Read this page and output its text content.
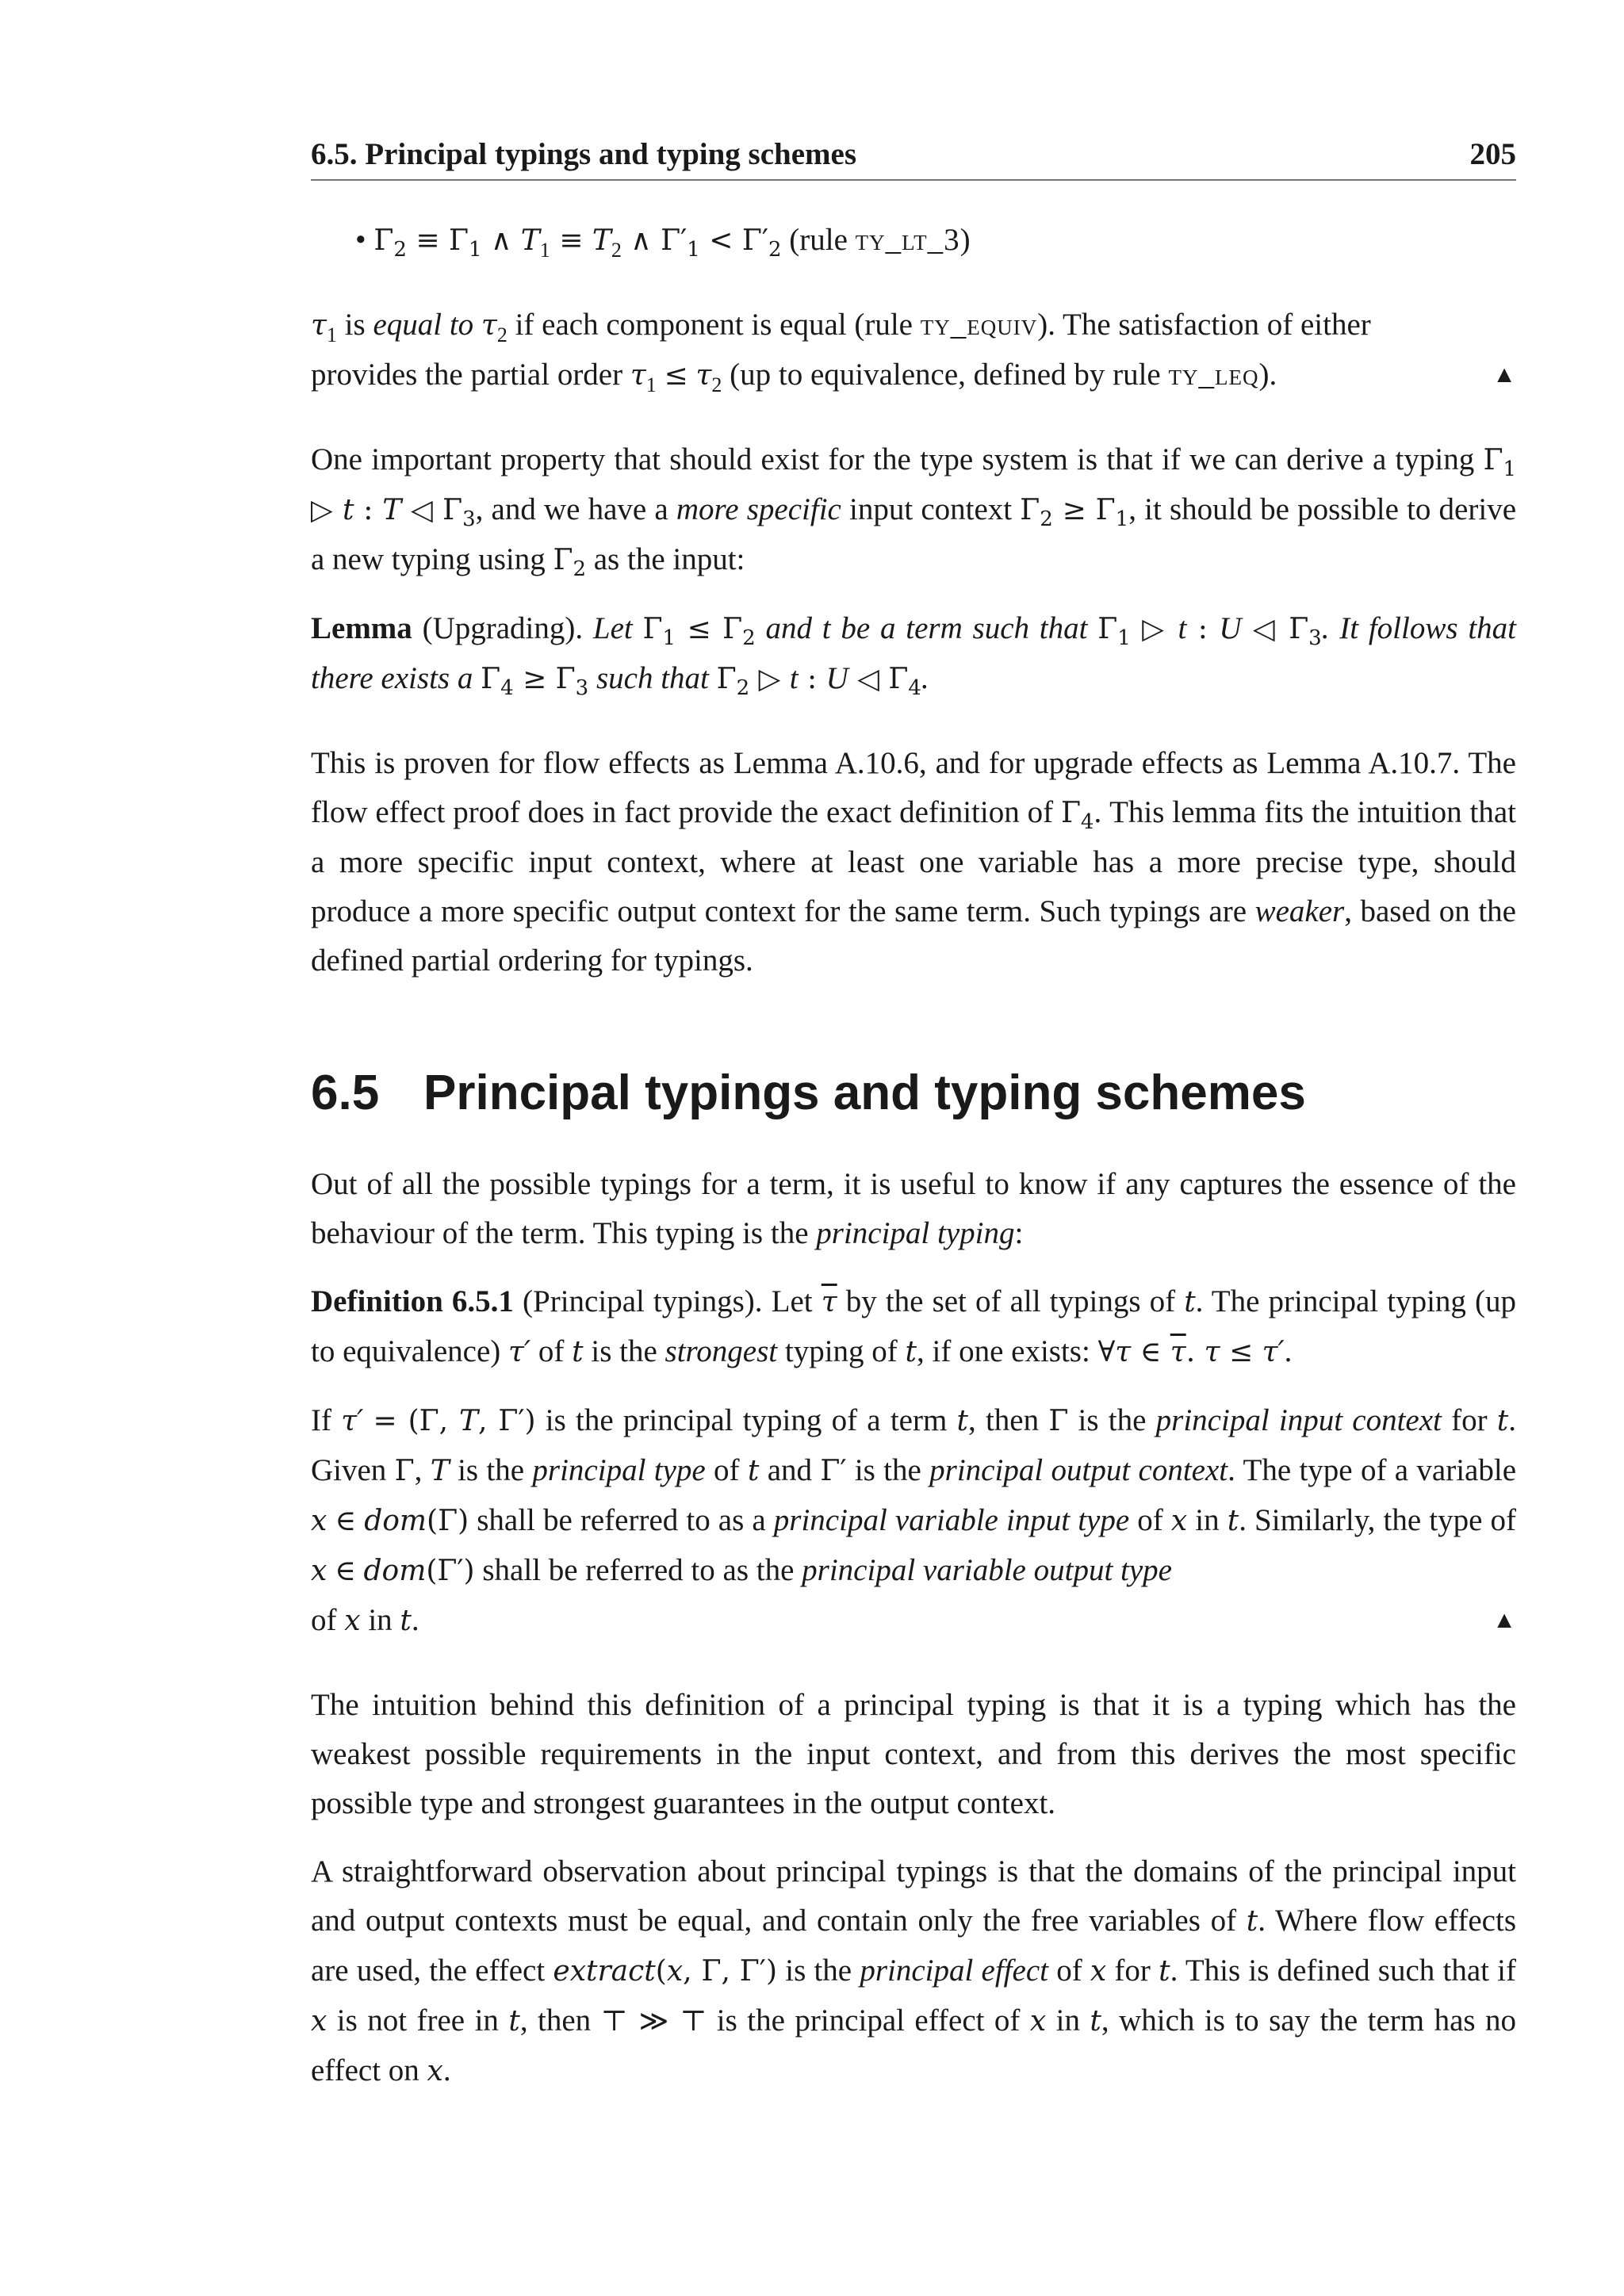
6.5. Principal typings and typing schemes	205

• $\Gamma_2 \equiv \Gamma_1$ ∧ $T_1 \equiv T_2$ ∧ $\Gamma'_1 < \Gamma'_2$ (rule ty_lt_3)

$\tau_1$ is equal to $\tau_2$ if each component is equal (rule ty_equiv). The satisfaction of either

provides the partial order $\tau_1 \le \tau_2$ (up to equivalence, defined by rule ty_leq).	▲

One important property that should exist for the type system is that if we can derive a typing $\Gamma_1$ ▷ t : T ◁ $\Gamma_3$, and we have a more specific input context $\Gamma_2 \ge \Gamma_1$, it should be possible to derive a new typing using $\Gamma_2$ as the input:

Lemma (Upgrading). Let $\Gamma_1 \le \Gamma_2$ and t be a term such that $\Gamma_1$ ▷ t : U ◁ $\Gamma_3$. It follows that there exists a $\Gamma_4 \ge \Gamma_3$ such that $\Gamma_2$ ▷ t : U ◁ $\Gamma_4$.

This is proven for flow effects as Lemma A.10.6, and for upgrade effects as Lemma A.10.7. The flow effect proof does in fact provide the exact definition of $\Gamma_4$. This lemma fits the intuition that a more specific input context, where at least one variable has a more precise type, should produce a more specific output context for the same term. Such typings are weaker, based on the defined partial ordering for typings.

6.5 Principal typings and typing schemes

Out of all the possible typings for a term, it is useful to know if any captures the essence of the behaviour of the term. This typing is the principal typing:

Definition 6.5.1 (Principal typings). Let $\overline{\tau}$ by the set of all typings of t. The principal typing (up to equivalence) τ′ of t is the strongest typing of t, if one exists: ∀τ ∈ $\overline{\tau}$. τ ≤ τ′.

If τ′ = (Γ, T, Γ′) is the principal typing of a term t, then Γ is the principal input context for t. Given Γ, T is the principal type of t and Γ′ is the principal output context. The type of a variable x ∈ dom(Γ) shall be referred to as a principal variable input type of x in t. Similarly, the type of x ∈ dom(Γ′) shall be referred to as the principal variable output type

of x in t.	▲

The intuition behind this definition of a principal typing is that it is a typing which has the weakest possible requirements in the input context, and from this derives the most specific possible type and strongest guarantees in the output context.

A straightforward observation about principal typings is that the domains of the principal input and output contexts must be equal, and contain only the free variables of t. Where flow effects are used, the effect extract(x, Γ, Γ′) is the principal effect of x for t. This is defined such that if x is not free in t, then ⊤ ≫ ⊤ is the principal effect of x in t, which is to say the term has no effect on x.
